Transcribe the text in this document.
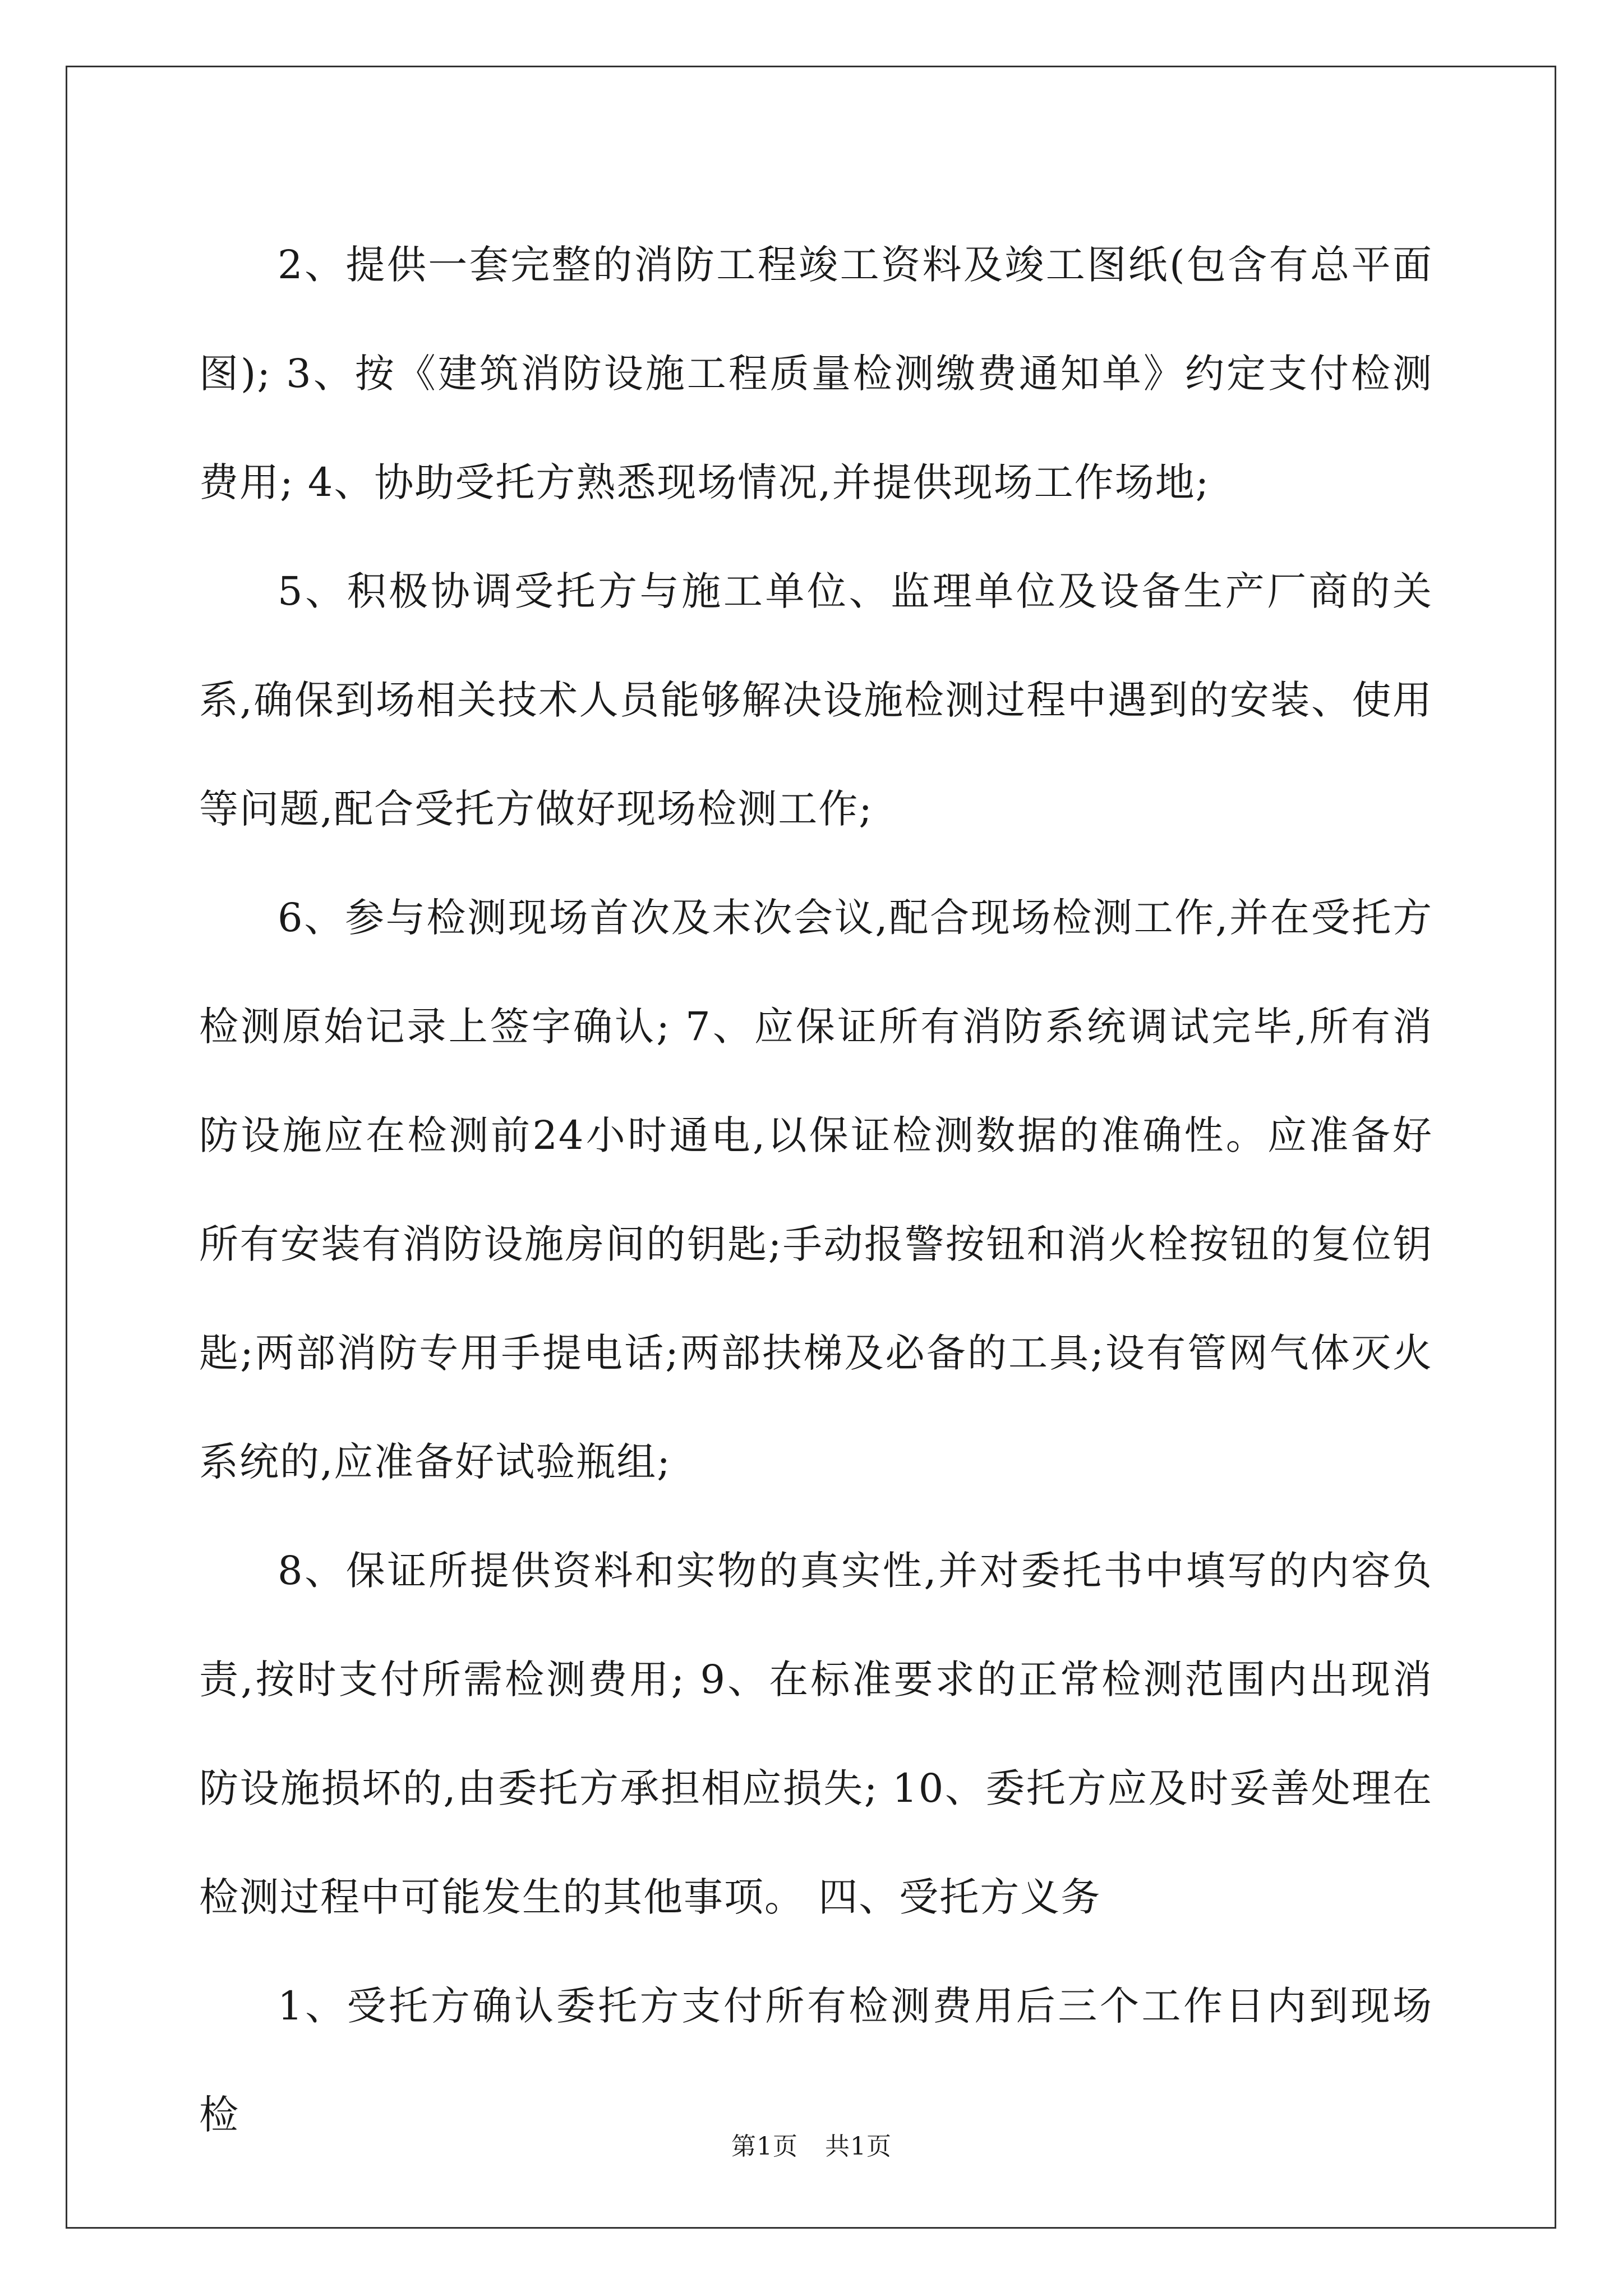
2、提供一套完整的消防工程竣工资料及竣工图纸(包含有总平面图); 3、按《建筑消防设施工程质量检测缴费通知单》约定支付检测费用; 4、协助受托方熟悉现场情况,并提供现场工作场地;

5、积极协调受托方与施工单位、监理单位及设备生产厂商的关系,确保到场相关技术人员能够解决设施检测过程中遇到的安装、使用等问题,配合受托方做好现场检测工作;

6、参与检测现场首次及末次会议,配合现场检测工作,并在受托方检测原始记录上签字确认; 7、应保证所有消防系统调试完毕,所有消防设施应在检测前24小时通电,以保证检测数据的准确性。应准备好所有安装有消防设施房间的钥匙;手动报警按钮和消火栓按钮的复位钥匙;两部消防专用手提电话;两部扶梯及必备的工具;设有管网气体灭火系统的,应准备好试验瓶组;

8、保证所提供资料和实物的真实性,并对委托书中填写的内容负责,按时支付所需检测费用; 9、在标准要求的正常检测范围内出现消防设施损坏的,由委托方承担相应损失; 10、委托方应及时妥善处理在检测过程中可能发生的其他事项。 四、受托方义务

1、受托方确认委托方支付所有检测费用后三个工作日内到现场检

第1页 共1页
